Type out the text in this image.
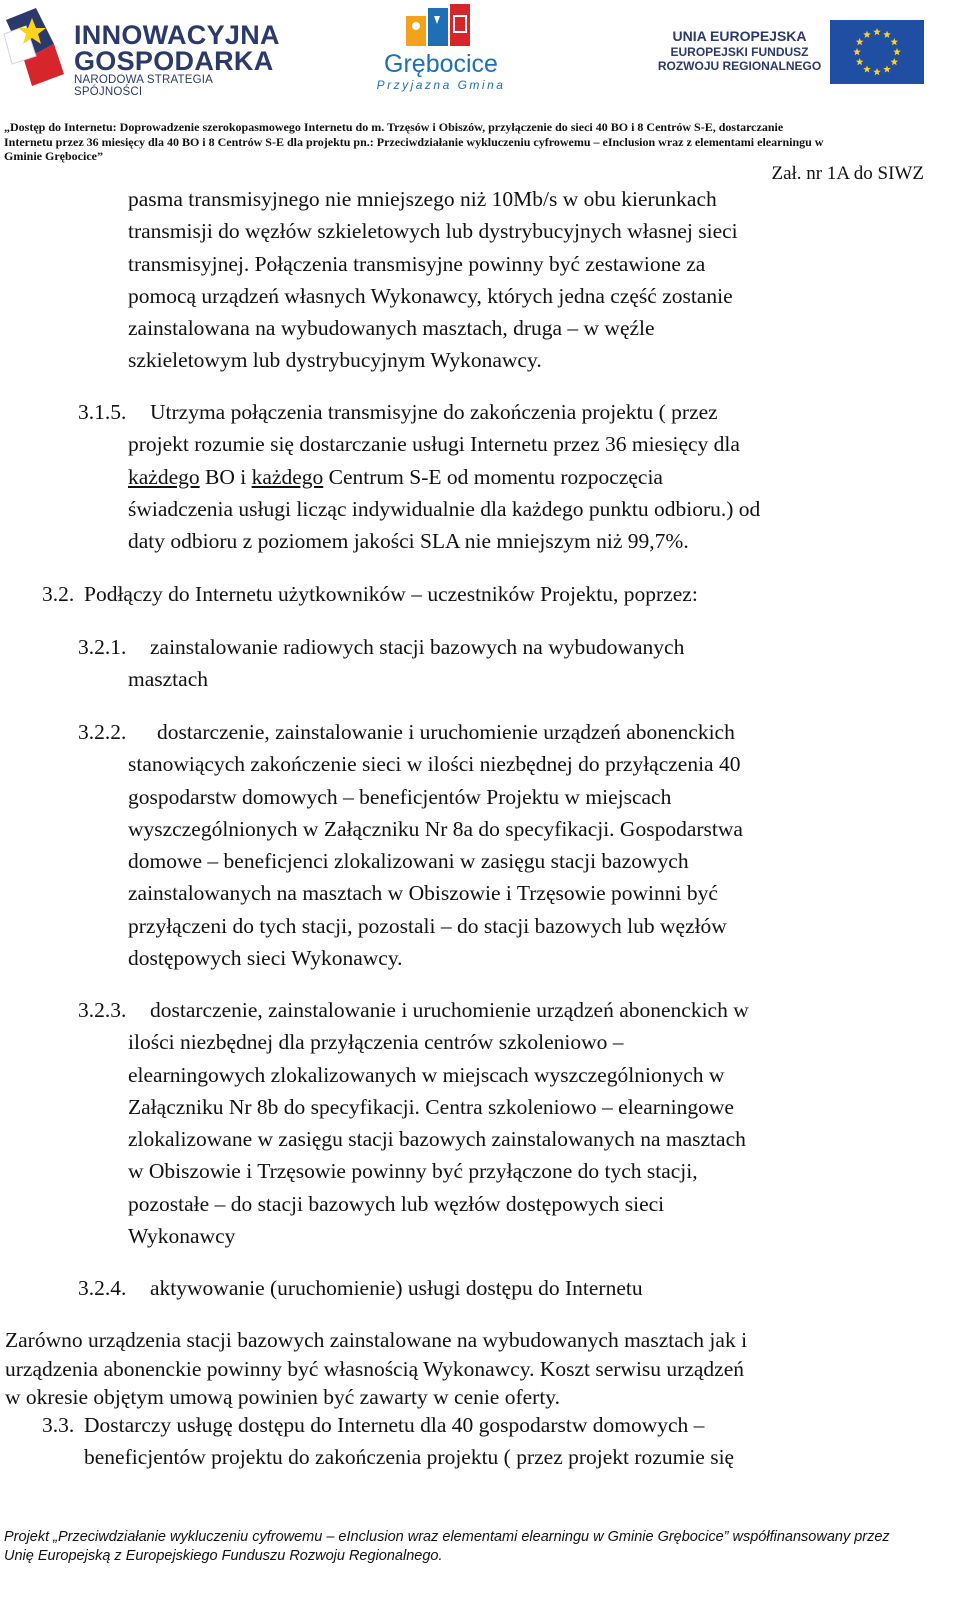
INNOWACYJNA
GOSPODARKA
NARODOWA STRATEGIA SPÓJNOŚCI
Grębocice
Przyjazna Gmina
UNIA EUROPEJSKA
EUROPEJSKI FUNDUSZ
ROZWOJU REGIONALNEGO
„Dostęp do Internetu: Doprowadzenie szerokopasmowego Internetu do m. Trzęsów i Obiszów, przyłączenie do sieci 40 BO i 8 Centrów S-E, dostarczanie
Internetu przez 36 miesięcy dla 40 BO i 8 Centrów S-E dla projektu pn.: Przeciwdziałanie wykluczeniu cyfrowemu – eInclusion wraz z elementami elearningu w
Gminie Grębocice”
Zał. nr 1A do SIWZ
pasma transmisyjnego nie mniejszego niż 10Mb/s w obu kierunkach
transmisji do węzłów szkieletowych lub dystrybucyjnych własnej sieci
transmisyjnej. Połączenia transmisyjne powinny być zestawione za
pomocą urządzeń własnych Wykonawcy, których jedna część zostanie
zainstalowana na wybudowanych masztach, druga – w węźle
szkieletowym lub dystrybucyjnym Wykonawcy.
3.1.5.	Utrzyma połączenia transmisyjne do zakończenia projektu ( przez
projekt rozumie się dostarczanie usługi Internetu przez 36 miesięcy dla
każdego BO i każdego Centrum S-E od momentu rozpoczęcia
świadczenia usługi licząc indywidualnie dla każdego punktu odbioru.) od
daty odbioru z poziomem jakości SLA nie mniejszym niż 99,7%.
3.2. Podłączy do Internetu użytkowników – uczestników Projektu, poprzez:
3.2.1.	zainstalowanie radiowych stacji bazowych na wybudowanych
masztach
3.2.2.	dostarczenie, zainstalowanie i uruchomienie urządzeń abonenckich
stanowiących zakończenie sieci w ilości niezbędnej do przyłączenia 40
gospodarstw domowych – beneficjentów Projektu w miejscach
wyszczególnionych w Załączniku Nr 8a do specyfikacji. Gospodarstwa
domowe – beneficjenci zlokalizowani w zasięgu stacji bazowych
zainstalowanych na masztach w Obiszowie i Trzęsowie powinni być
przyłączeni do tych stacji, pozostali – do stacji bazowych lub węzłów
dostępowych sieci Wykonawcy.
3.2.3.	dostarczenie, zainstalowanie i uruchomienie urządzeń abonenckich w
ilości niezbędnej dla przyłączenia centrów szkoleniowo –
elearningowych zlokalizowanych w miejscach wyszczególnionych w
Załączniku Nr 8b do specyfikacji. Centra szkoleniowo – elearningowe
zlokalizowane w zasięgu stacji bazowych zainstalowanych na masztach
w Obiszowie i Trzęsowie powinny być przyłączone do tych stacji,
pozostałe – do stacji bazowych lub węzłów dostępowych sieci
Wykonawcy
3.2.4. aktywowanie (uruchomienie) usługi dostępu do Internetu
Zarówno urządzenia stacji bazowych zainstalowane na wybudowanych masztach jak i
urządzenia abonenckie powinny być własnością Wykonawcy. Koszt serwisu urządzeń
w okresie objętym umową powinien być zawarty w cenie oferty.
3.3. Dostarczy usługę dostępu do Internetu dla 40 gospodarstw domowych –
beneficjentów projektu do zakończenia projektu ( przez projekt rozumie się
Projekt „Przeciwdziałanie wykluczeniu cyfrowemu – eInclusion wraz elementami elearningu w Gminie Grębocice” współfinansowany przez
Unię Europejską z Europejskiego Funduszu Rozwoju Regionalnego.
